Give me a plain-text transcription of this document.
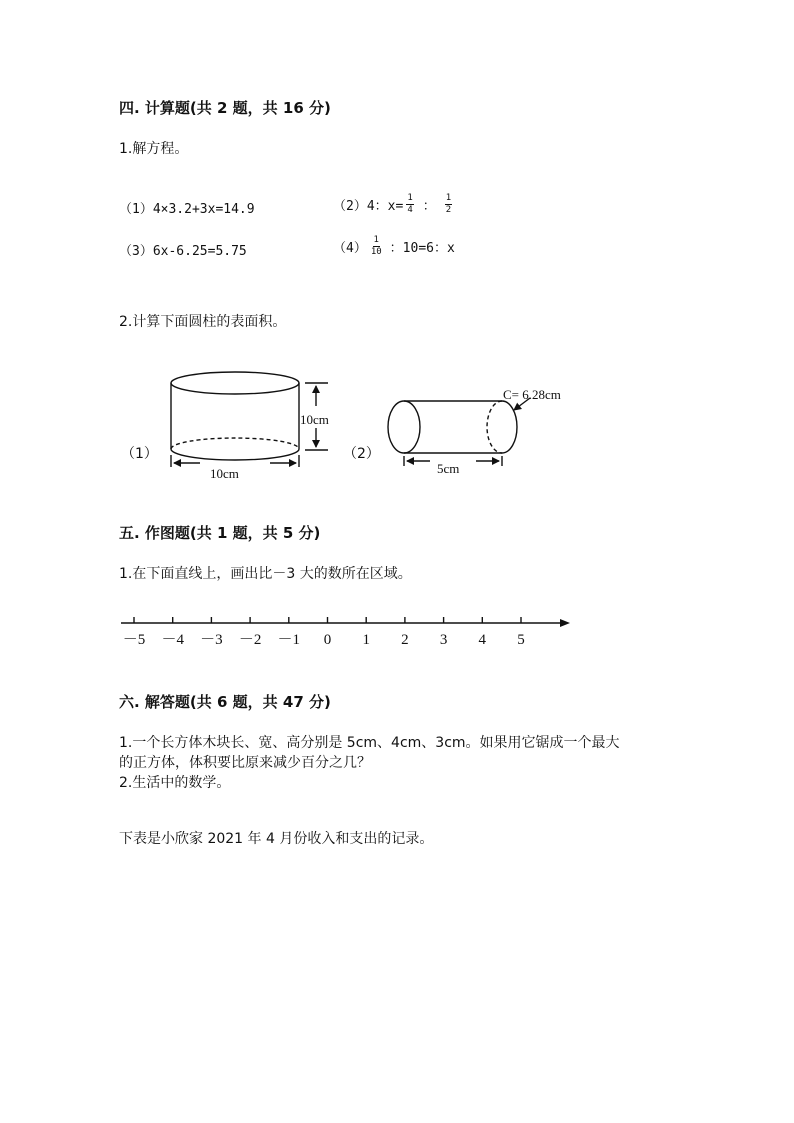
四. 计算题(共 2 题，共 16 分)
1.解方程。
（1）4×3.2+3x=14.9	（2）4：$x= \frac{1}{4}$ ： $\frac{1}{2}$
（3）6x-6.25=5.75	$(4) \frac{1}{10}$ ：10=6：x
2.计算下面圆柱的表面积。
10cm
10cm
C= 6.28cm
5cm
（1）	（2）
五. 作图题(共 1 题，共 5 分)
1.在下面直线上，画出比－3 大的数所在区域。
－5 －4 －3 －2 －1 0 1 2 3 4 5
六. 解答题(共 6 题，共 47 分)
1.一个长方体木块长、宽、高分别是 5cm、4cm、3cm。如果用它锯成一个最大
的正方体，体积要比原来减少百分之几？
2.生活中的数学。
下表是小欣家 2021 年 4 月份收入和支出的记录。
